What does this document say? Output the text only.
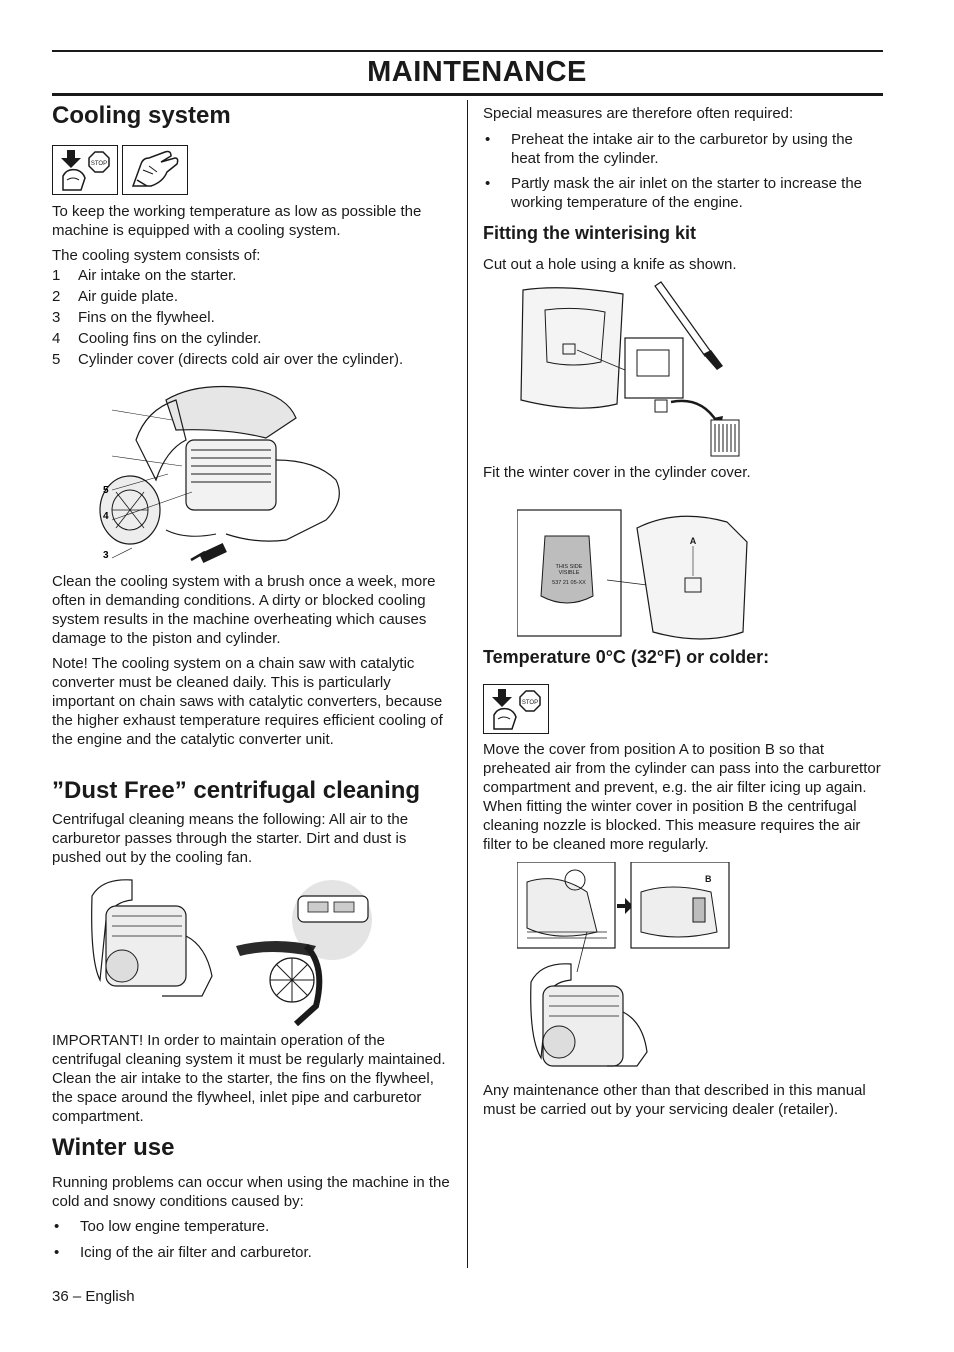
MAINTENANCE
Cooling system
STOP

To keep the working temperature as low as possible the machine is equipped with a cooling system.

The cooling system consists of:

1	Air intake on the starter.
2	Air guide plate.
3	Fins on the flywheel.
4	Cooling fins on the cylinder.
5	Cylinder cover (directs cold air over the cylinder).
5
4
3

Clean the cooling system with a brush once a week, more often in demanding conditions. A dirty or blocked cooling system results in the machine overheating which causes damage to the piston and cylinder.

Note! The cooling system on a chain saw with catalytic converter must be cleaned daily. This is particularly important on chain saws with catalytic converters, because the higher exhaust temperature requires efficient cooling of the engine and the catalytic converter unit.

”Dust Free” centrifugal cleaning

Centrifugal cleaning means the following: All air to the carburetor passes through the starter. Dirt and dust is pushed out by the cooling fan.

IMPORTANT! In order to maintain operation of the centrifugal cleaning system it must be regularly maintained. Clean the air intake to the starter, the fins on the flywheel, the space around the flywheel, inlet pipe and carburetor compartment.

Winter use

Running problems can occur when using the machine in the cold and snowy conditions caused by:

•	Too low engine temperature.
•	Icing of the air filter and carburetor.

Special measures are therefore often required:

•	Preheat the intake air to the carburetor by using the heat from the cylinder.
•	Partly mask the air inlet on the starter to increase the working temperature of the engine.
Fitting the winterising kit

Cut out a hole using a knife as shown.

Fit the winter cover in the cylinder cover.

THIS SIDE
VISIBLE
537 21 05-XX
A
Temperature 0°C (32°F) or colder:
STOP

Move the cover from position A to position B so that preheated air from the cylinder can pass into the carburettor compartment and prevent, e.g. the air filter icing up again. When fitting the winter cover in position B the centrifugal cleaning nozzle is blocked. This measure requires the air filter to be cleaned more regularly.

B

Any maintenance other than that described in this manual must be carried out by your servicing dealer (retailer).

36 – English
